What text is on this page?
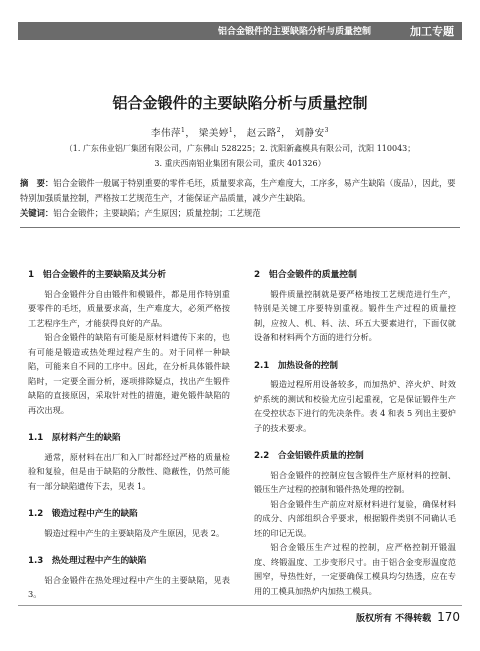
铝合金锻件的主要缺陷分析与质量控制	加工专题
铝合金锻件的主要缺陷分析与质量控制
李伟萍$^1$， 梁美婷$^1$， 赵云路$^2$， 刘静安$^3$
（1. 广东伟业铝厂集团有限公司，广东佛山 528225；2. 沈阳新鑫模具有限公司，沈阳 110043；
3. 重庆西南铝业集团有限公司，重庆 401326）
摘　要：铝合金锻件一般属于特别重要的零件毛坯，质量要求高，生产难度大，工序多，易产生缺陷（废品），因此，要特别加强质量控制，严格按工艺规范生产，才能保证产品质量，减少产生缺陷。
关键词：铝合金锻件；主要缺陷；产生原因；质量控制；工艺规范
1　铝合金锻件的主要缺陷及其分析

铝合金锻件分自由锻件和模锻件，都是用作特别重要零件的毛坯，质量要求高，生产难度大，必须严格按工艺程序生产，才能获得良好的产品。

铝合金锻件的缺陷有可能是原材料遗传下来的，也有可能是锻造或热处理过程产生的。对于同样一种缺陷，可能来自不同的工序中。因此，在分析具体锻件缺陷时，一定要全面分析，逐项排除疑点，找出产生锻件缺陷的直接原因，采取针对性的措施，避免锻件缺陷的再次出现。

1.1　原材料产生的缺陷

通常，原材料在出厂和入厂时都经过严格的质量检验和复验，但是由于缺陷的分散性、隐蔽性，仍然可能有一部分缺陷遗传下去，见表 1。

1.2　锻造过程中产生的缺陷

锻造过程中产生的主要缺陷及产生原因，见表 2。

1.3　热处理过程中产生的缺陷

铝合金锻件在热处理过程中产生的主要缺陷，见表 3。

2　铝合金锻件的质量控制

锻件质量控制就是要严格地按工艺规范进行生产，特别是关键工序要特别重视。锻件生产过程的质量控制，应按人、机、料、法、环五大要素进行，下面仅就设备和材料两个方面的进行分析。

2.1　加热设备的控制

锻造过程所用设备较多，而加热炉、淬火炉、时效炉系统的测试和校验尤应引起重视，它是保证锻件生产在受控状态下进行的先决条件。表 4 和表 5 列出主要炉子的技术要求。

2.2　合金铝锻件质量的控制

铝合金锻件的控制应包含锻件生产原材料的控制、锻压生产过程的控制和锻件热处理的控制。

铝合金锻件生产前应对原材料进行复验，确保材料的成分、内部组织合乎要求，根据锻件类别不同确认毛坯的印记无误。

铝合金锻压生产过程的控制，应严格控制开锻温度、终锻温度、工步变形尺寸。由于铝合金变形温度范围窄，导热性好，一定要确保工模具均匀热透，应在专用的工模具加热炉内加热工模具。

版权所有 不得转载 170
